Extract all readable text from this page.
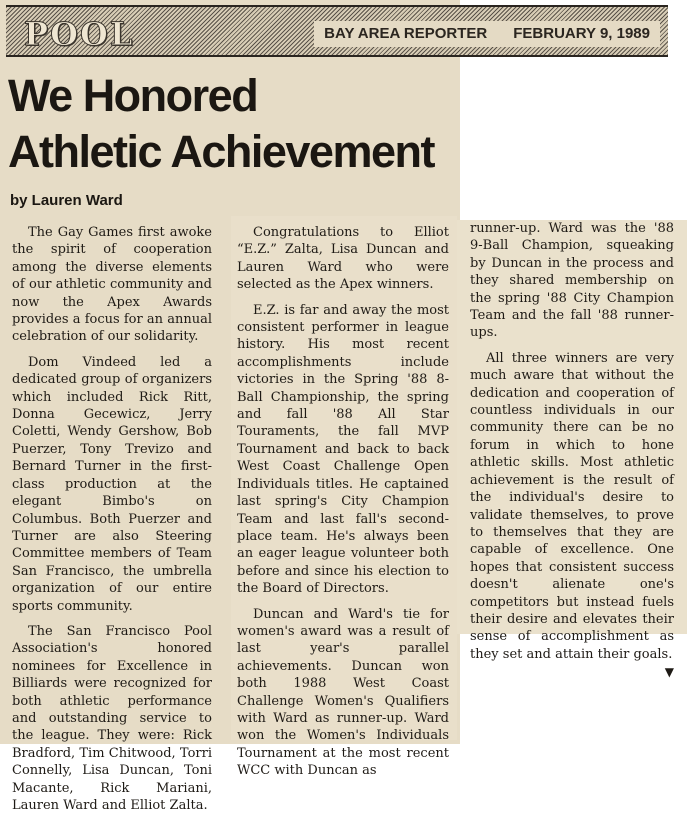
POOL	BAY AREA REPORTER FEBRUARY 9, 1989
We Honored
Athletic Achievement
by Lauren Ward

The Gay Games first awoke the spirit of cooperation among the diverse elements of our athletic community and now the Apex Awards provides a focus for an annual celebration of our solidarity.

Dom Vindeed led a dedicated group of organizers which included Rick Ritt, Donna Gecewicz, Jerry Coletti, Wendy Gershow, Bob Puerzer, Tony Trevizo and Bernard Turner in the first-class production at the elegant Bimbo's on Columbus. Both Puerzer and Turner are also Steering Committee members of Team San Francisco, the umbrella organization of our entire sports community.

The San Francisco Pool Association's honored nominees for Excellence in Billiards were recognized for both athletic performance and outstanding service to the league. They were: Rick Bradford, Tim Chitwood, Torri Connelly, Lisa Duncan, Toni Macante, Rick Mariani, Lauren Ward and Elliot Zalta.

Congratulations to Elliot “E.Z.” Zalta, Lisa Duncan and Lauren Ward who were selected as the Apex winners.

E.Z. is far and away the most consistent performer in league history. His most recent accomplishments include victories in the Spring '88 8-Ball Championship, the spring and fall '88 All Star Touraments, the fall MVP Tournament and back to back West Coast Challenge Open Individuals titles. He captained last spring's City Champion Team and last fall's second-place team. He's always been an eager league volunteer both before and since his election to the Board of Directors.

Duncan and Ward's tie for women's award was a result of last year's parallel achievements. Duncan won both 1988 West Coast Challenge Women's Qualifiers with Ward as runner-up. Ward won the Women's Individuals Tournament at the most recent WCC with Duncan as

runner-up. Ward was the '88 9-Ball Champion, squeaking by Duncan in the process and they shared membership on the spring '88 City Champion Team and the fall '88 runner-ups.

All three winners are very much aware that without the dedication and cooperation of countless individuals in our community there can be no forum in which to hone athletic skills. Most athletic achievement is the result of the individual's desire to validate themselves, to prove to themselves that they are capable of excellence. One hopes that consistent success doesn't alienate one's competitors but instead fuels their desire and elevates their sense of accomplishment as they set and attain their goals.

▼
